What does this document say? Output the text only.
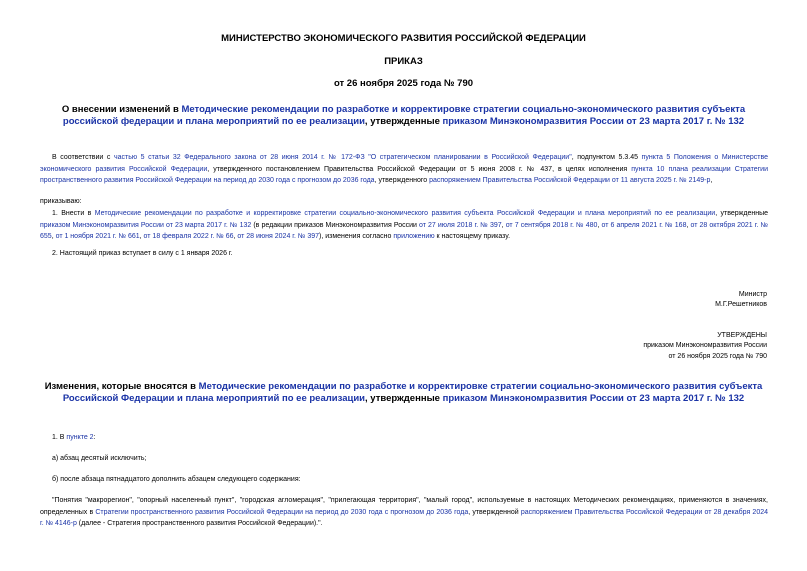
МИНИСТЕРСТВО ЭКОНОМИЧЕСКОГО РАЗВИТИЯ РОССИЙСКОЙ ФЕДЕРАЦИИ
ПРИКАЗ
от 26 ноября 2025 года № 790
О внесении изменений в Методические рекомендации по разработке и корректировке стратегии социально-экономического развития субъекта российской федерации и плана мероприятий по ее реализации, утвержденные приказом Минэкономразвития России от 23 марта 2017 г. № 132
В соответствии с частью 5 статьи 32 Федерального закона от 28 июня 2014 г. № 172-ФЗ "О стратегическом планировании в Российской Федерации", подпунктом 5.3.45 пункта 5 Положения о Министерстве экономического развития Российской Федерации, утвержденного постановлением Правительства Российской Федерации от 5 июня 2008 г. № 437, в целях исполнения пункта 10 плана реализации Стратегии пространственного развития Российской Федерации на период до 2030 года с прогнозом до 2036 года, утвержденного распоряжением Правительства Российской Федерации от 11 августа 2025 г. № 2149-р,
приказываю:
1. Внести в Методические рекомендации по разработке и корректировке стратегии социально-экономического развития субъекта Российской Федерации и плана мероприятий по ее реализации, утвержденные приказом Минэкономразвития России от 23 марта 2017 г. № 132 (в редакции приказов Минэкономразвития России от 27 июля 2018 г. № 397, от 7 сентября 2018 г. № 480, от 6 апреля 2021 г. № 168, от 28 октября 2021 г. № 655, от 1 ноября 2021 г. № 661, от 18 февраля 2022 г. № 66, от 28 июня 2024 г. № 397), изменения согласно приложению к настоящему приказу.
2. Настоящий приказ вступает в силу с 1 января 2026 г.
Министр
М.Г.Решетников
УТВЕРЖДЕНЫ
приказом Минэкономразвития России
от 26 ноября 2025 года № 790
Изменения, которые вносятся в Методические рекомендации по разработке и корректировке стратегии социально-экономического развития субъекта Российской Федерации и плана мероприятий по ее реализации, утвержденные приказом Минэкономразвития России от 23 марта 2017 г. № 132
1. В пункте 2:
а) абзац десятый исключить;
б) после абзаца пятнадцатого дополнить абзацем следующего содержания:
"Понятия "макрорегион", "опорный населенный пункт", "городская агломерация", "прилегающая территория", "малый город", используемые в настоящих Методических рекомендациях, применяются в значениях, определенных в Стратегии пространственного развития Российской Федерации на период до 2030 года с прогнозом до 2036 года, утвержденной распоряжением Правительства Российской Федерации от 28 декабря 2024 г. № 4146-р (далее - Стратегия пространственного развития Российской Федерации).".
